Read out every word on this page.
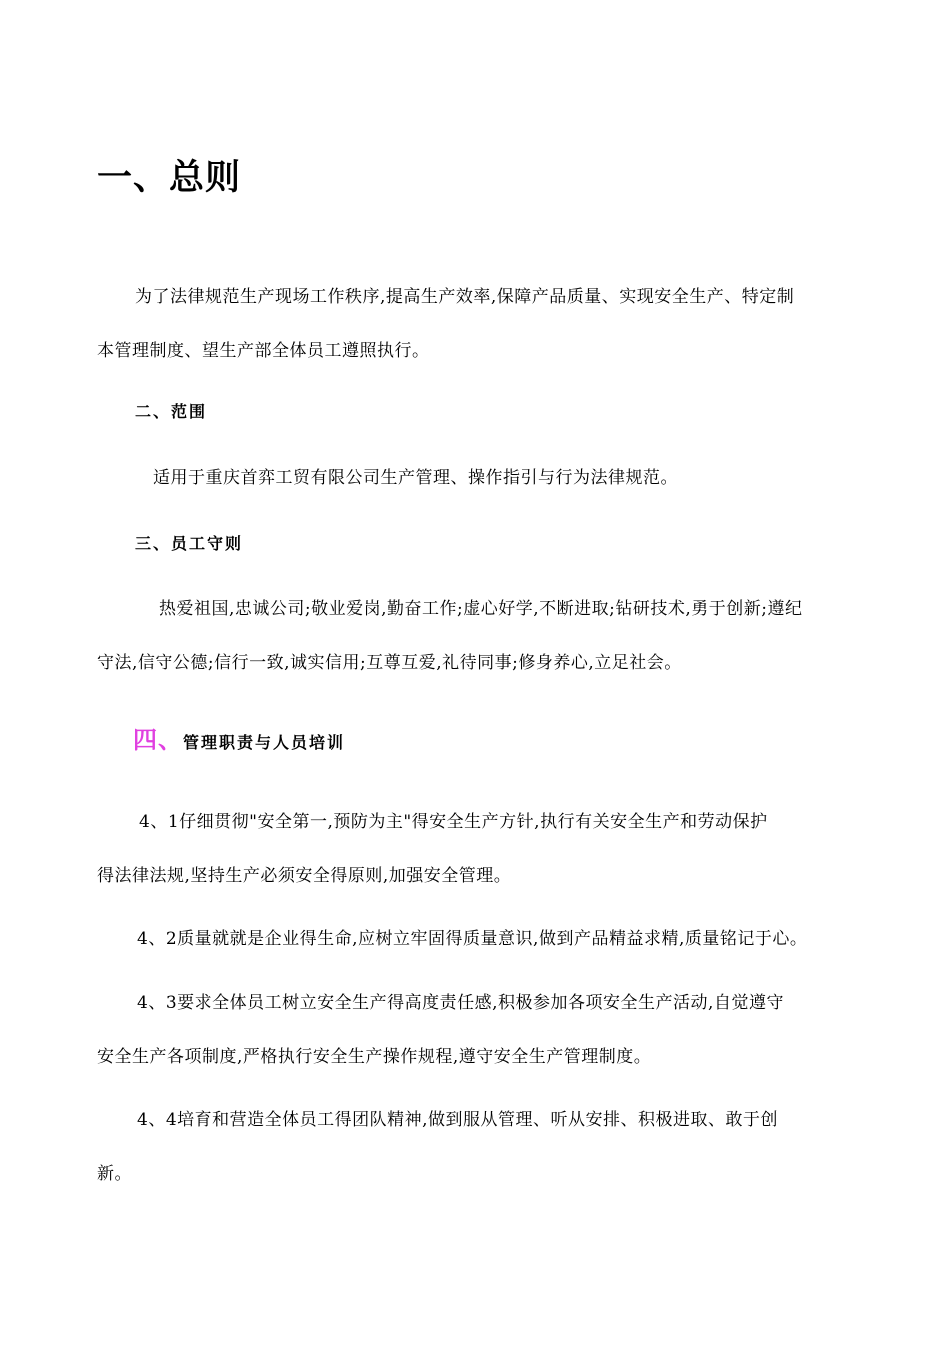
一、总则

为了法律规范生产现场工作秩序,提高生产效率,保障产品质量、实现安全生产、特定制
本管理制度、望生产部全体员工遵照执行。

二、范围

适用于重庆首弈工贸有限公司生产管理、操作指引与行为法律规范。

三、员工守则

热爱祖国,忠诚公司;敬业爱岗,勤奋工作;虚心好学,不断进取;钻研技术,勇于创新;遵纪
守法,信守公德;信行一致,诚实信用;互尊互爱,礼待同事;修身养心,立足社会。

四、管理职责与人员培训

4、1仔细贯彻"安全第一,预防为主"得安全生产方针,执行有关安全生产和劳动保护
得法律法规,坚持生产必须安全得原则,加强安全管理。

4、2质量就就是企业得生命,应树立牢固得质量意识,做到产品精益求精,质量铭记于心。

4、3要求全体员工树立安全生产得高度责任感,积极参加各项安全生产活动,自觉遵守
安全生产各项制度,严格执行安全生产操作规程,遵守安全生产管理制度。

4、4培育和营造全体员工得团队精神,做到服从管理、听从安排、积极进取、敢于创
新。
